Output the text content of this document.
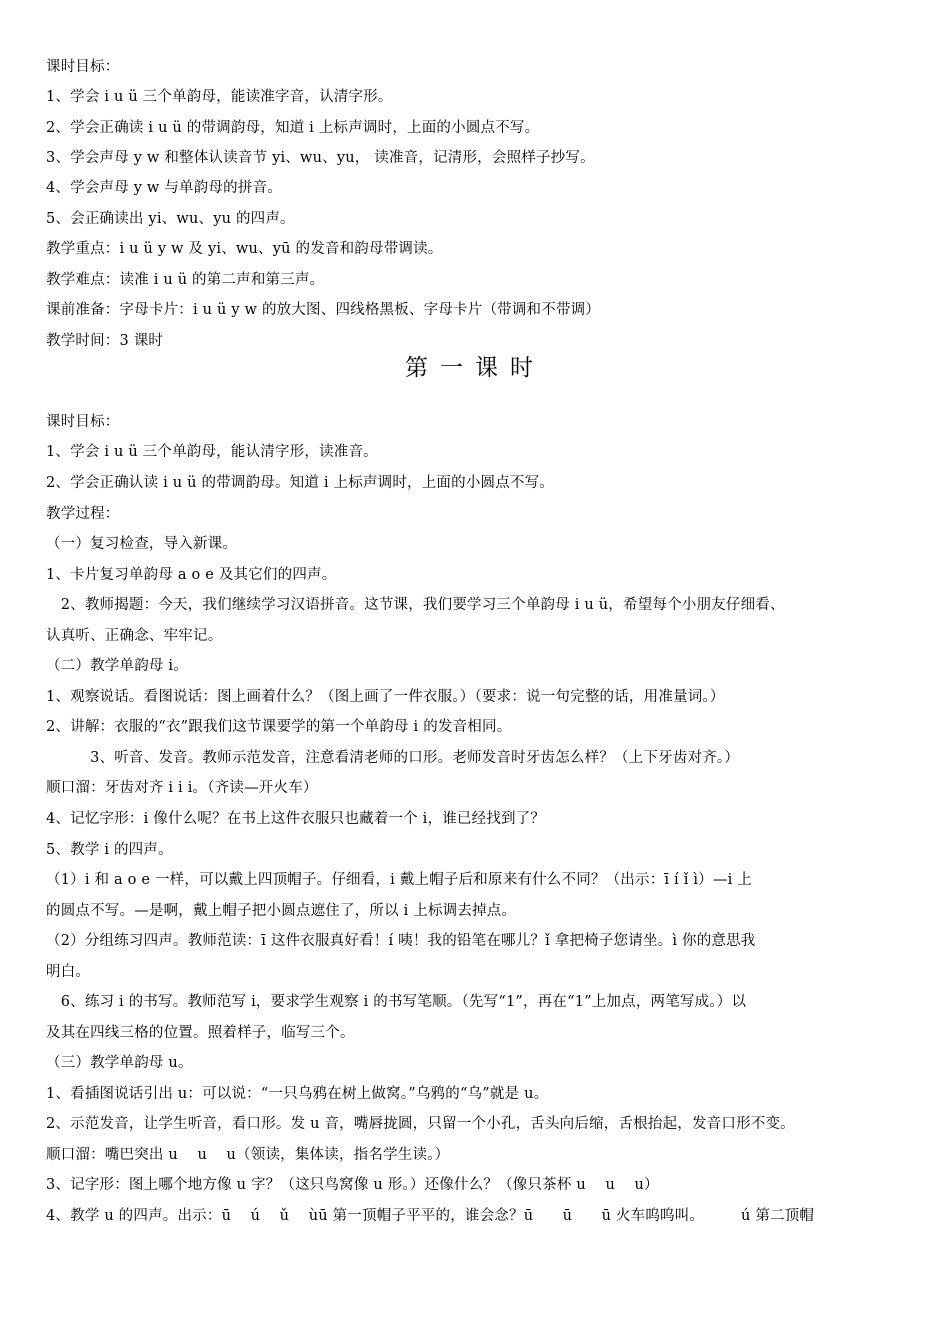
课时目标：
1、学会 i u ü 三个单韵母，能读准字音，认清字形。
2、学会正确读 i u ü 的带调韵母，知道 i 上标声调时，上面的小圆点不写。
3、学会声母 y w 和整体认读音节 yi、wu、yu， 读准音，记清形，会照样子抄写。
4、学会声母 y w 与单韵母的拼音。
5、会正确读出 yi、wu、yu 的四声。
教学重点：i u ü y w 及 yi、wu、yū 的发音和韵母带调读。
教学难点：读准 i u ü 的第二声和第三声。
课前准备：字母卡片：i u ü y w 的放大图、四线格黑板、字母卡片（带调和不带调）
教学时间：3 课时
第一课时
课时目标：
1、学会 i u ü 三个单韵母，能认清字形，读准音。
2、学会正确认读 i u ü 的带调韵母。知道 i 上标声调时，上面的小圆点不写。
教学过程：
（一）复习检查，导入新课。
1、卡片复习单韵母 a o e 及其它们的四声。
　2、教师揭题：今天，我们继续学习汉语拼音。这节课，我们要学习三个单韵母 i u ü，希望每个小朋友仔细看、
认真听、正确念、牢牢记。
（二）教学单韵母 i。
1、观察说话。看图说话：图上画着什么？（图上画了一件衣服。）（要求：说一句完整的话，用准量词。）
2、讲解：衣服的“衣”跟我们这节课要学的第一个单韵母 i 的发音相同。
　　　3、听音、发音。教师示范发音，注意看清老师的口形。老师发音时牙齿怎么样？（上下牙齿对齐。）
顺口溜：牙齿对齐 i i i。（齐读—开火车）
4、记忆字形：i 像什么呢？在书上这件衣服只也藏着一个 i，谁已经找到了？
5、教学 i 的四声。
（1）i 和 a o e 一样，可以戴上四顶帽子。仔细看，i 戴上帽子后和原来有什么不同？（出示：ī í ǐ ì）—i 上
的圆点不写。—是啊，戴上帽子把小圆点遮住了，所以 i 上标调去掉点。
（2）分组练习四声。教师范读：ī 这件衣服真好看！í 咦！我的铅笔在哪儿？ǐ 拿把椅子您请坐。ì 你的意思我
明白。
　6、练习 i 的书写。教师范写 i，要求学生观察 i 的书写笔顺。（先写“1”，再在“1”上加点，两笔写成。）以
及其在四线三格的位置。照着样子，临写三个。
（三）教学单韵母 u。
1、看插图说话引出 u：可以说：“一只乌鸦在树上做窝。”乌鸦的“乌”就是 u。
2、示范发音，让学生听音，看口形。发 u 音，嘴唇拢圆，只留一个小孔，舌头向后缩，舌根抬起，发音口形不变。
顺口溜：嘴巴突出 u　 u　 u（领读，集体读，指名学生读。）
3、记字形：图上哪个地方像 u 字？（这只鸟窝像 u 形。）还像什么？（像只茶杯 u　 u　 u）
4、教学 u 的四声。出示：ū　 ú　 ǔ　 ùū 第一顶帽子平平的，谁会念？ū　　ū　　ū 火车呜呜叫。　　　ú 第二顶帽
